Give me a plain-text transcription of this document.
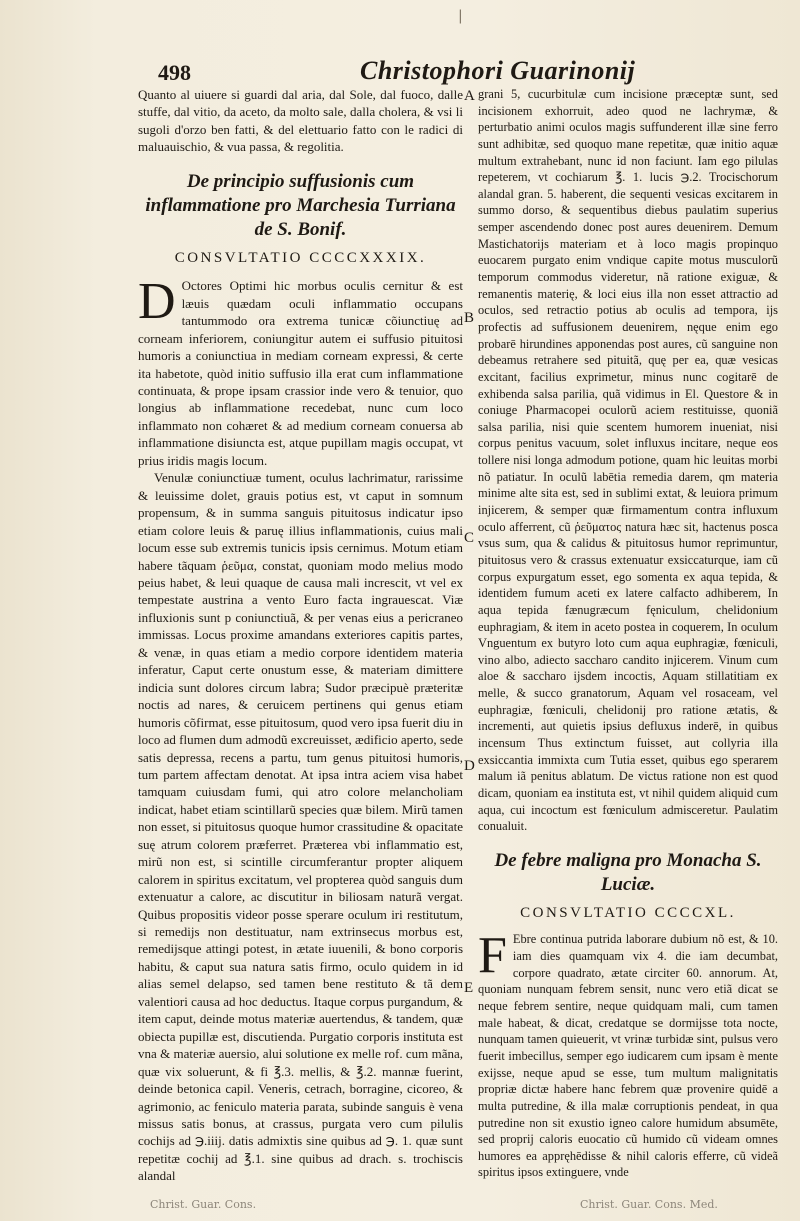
|
498	Christophori Guarinonij
A
B
C
D
E

Quanto al uiuere si guardi dal aria, dal Sole, dal fuoco, dalle stuffe, dal vitio, da aceto, da molto sale, dalla cholera, & vsi li sugoli d'orzo ben fatti, & del elettuario fatto con le radici di maluauischio, & vua passa, & regolitia.

De principio suffusionis cum inflammatione pro Marchesia Turriana de S. Bonif.
CONSVLTATIO CCCCXXXIX.
D Octores Optimi hic morbus oculis cernitur & est læuis quædam oculi inflammatio occupans tantummodo ora extrema tunicæ cõiunctiuę ad corneam inferiorem, coniungitur autem ei suffusio pituitosi humoris a coniunctiua in mediam corneam expressi, & certe ita habetote, quòd initio suffusio illa erat cum inflammatione continuata, & prope ipsam crassior inde vero & tenuior, quo longius ab inflammatione recedebat, nunc cum loco inflammato non cohæret & ad medium corneam conuersa ab inflammatione disiuncta est, atque pupillam magis occupat, vt prius iridis magis locum.

Venulæ coniunctiuæ tument, oculus lachrimatur, rarissime & leuissime dolet, grauis potius est, vt caput in somnum propensum, & in summa sanguis pituitosus indicatur ipso etiam colore leuis & paruę illius inflammationis, cuius mali locum esse sub extremis tunicis ipsis cernimus. Motum etiam habere tãquam ῥεῦμα, constat, quoniam modo melius modo peius habet, & leui quaque de causa mali increscit, vt vel ex tempestate austrina a vento Euro facta ingrauescat. Viæ influxionis sunt p coniunctiuã, & per venas eius a pericraneo immissas. Locus proxime amandans exteriores capitis partes, & venæ, in quas etiam a medio corpore identidem materia inferatur, Caput certe onustum esse, & materiam dimittere indicia sunt dolores circum labra; Sudor præcipuè præteritæ noctis ad nares, & ceruicem pertinens qui genus etiam humoris cõfirmat, esse pituitosum, quod vero ipsa fuerit diu in loco ad flumen dum admodũ excreuisset, ædificio aperto, sede satis depressa, recens a partu, tum genus pituitosi humoris, tum partem affectam denotat. At ipsa intra aciem visa habet tamquam cuiusdam fumi, qui atro colore melancholiam indicat, habet etiam scintillarũ species quæ bilem. Mirũ tamen non esset, si pituitosus quoque humor crassitudine & opacitate suę atrum colorem præferret. Præterea vbi inflammatio est, mirũ non est, si scintille circumferantur propter aliquem calorem in spiritus excitatum, vel propterea quòd sanguis dum extenuatur a calore, ac discutitur in biliosam naturã vergat. Quibus propositis videor posse sperare oculum iri restitutum, si remedijs non destituatur, nam extrinsecus morbus est, remedijsque attingi potest, in ætate iuuenili, & bono corporis habitu, & caput sua natura satis firmo, oculo quidem in id alias semel delapso, sed tamen bene restituto & tã dem valentiori causa ad hoc deductus. Itaque corpus purgandum, & item caput, deinde motus materiæ auertendus, & tandem, quæ obiecta pupillæ est, discutienda. Purgatio corporis instituta est vna & materiæ auersio, alui solutione ex melle rof. cum mãna, quæ vix soluerunt, & fi ℥.3. mellis, & ℥.2. mannæ fuerint, deinde betonica capil. Veneris, cetrach, borragine, cicoreo, & agrimonio, ac feniculo materia parata, subinde sanguis è vena missus satis bonus, at crassus, purgata vero cum pilulis cochijs ad ℈.iiij. datis admixtis sine quibus ad ℈. 1. quæ sunt repetitæ cochij ad ℥.1. sine quibus ad drach. s. trochiscis alandal

grani 5, cucurbitulæ cum incisione præceptæ sunt, sed incisionem exhorruit, adeo quod ne lachrymæ, & perturbatio animi oculos magis suffunderent illæ sine ferro sunt adhibitæ, sed quoquo mane repetitæ, quæ initio aquæ multum extrahebant, nunc id non faciunt. Iam ego pilulas repeterem, vt cochiarum ℥. 1. lucis ℈.2. Trocischorum alandal gran. 5. haberent, die sequenti vesicas excitarem in summo dorso, & sequentibus diebus paulatim superius semper ascendendo donec post aures deuenirem. Demum Mastichatorijs materiam et à loco magis propinquo euocarem purgato enim vndique capite motus musculorũ temporum commodus videretur, nã ratione exiguæ, & remanentis materię, & loci eius illa non esset attractio ad oculos, sed retractio potius ab oculis ad tempora, ijs profectis ad suffusionem deuenirem, nęque enim ego probarē hirundines apponendas post aures, cũ sanguine non debeamus retrahere sed pituitã, quę per ea, quæ vesicas excitant, facilius exprimetur, minus nunc cogitarē de exhibenda salsa parilia, quã vidimus in El. Questore & in coniuge Pharmacopei oculorũ aciem restituisse, quoniã salsa parilia, nisi quie scentem humorem inueniat, nisi corpus penitus vacuum, solet influxus incitare, neque eos tollere nisi longa admodum potione, quam hic leuitas morbi nõ patiatur. In oculũ labētia remedia darem, qm materia minime alte sita est, sed in sublimi extat, & leuiora primum injicerem, & semper quæ firmamentum contra influxum oculo afferrent, cũ ῥεῦματος natura hæc sit, hactenus posca vsus sum, qua & calidus & pituitosus humor reprimuntur, pituitosus vero & crassus extenuatur exsiccaturque, iam cũ corpus expurgatum esset, ego somenta ex aqua tepida, & identidem fumum aceti ex latere calfacto adhiberem, In aqua tepida fænugræcum fęniculum, chelidonium euphragiam, & item in aceto postea in coquerem, In oculum Vnguentum ex butyro loto cum aqua euphragiæ, fœniculi, vino albo, adiecto saccharo candito injicerem. Vinum cum aloe & saccharo ijsdem incoctis, Aquam stillatitiam ex melle, & succo granatorum, Aquam vel rosaceam, vel euphragiæ, fœniculi, chelidonij pro ratione ætatis, & incrementi, aut quietis ipsius defluxus inderē, in quibus incensum Thus extinctum fuisset, aut collyria illa exsiccantia immixta cum Tutia esset, quibus ego sperarem malum iã penitus ablatum. De victus ratione non est quod dicam, quoniam ea instituta est, vt nihil quidem aliquid cum aqua, cui incoctum est fœniculum admisceretur. Paulatim conualuit.

De febre maligna pro Monacha S. Luciæ.
CONSVLTATIO CCCCXL.
F Ebre continua putrida laborare dubium nõ est, & 10. iam dies quamquam vix 4. die iam decumbat, corpore quadrato, ætate circiter 60. annorum. At, quoniam nunquam febrem sensit, nunc vero etiã dicat se neque febrem sentire, neque quidquam mali, cum tamen male habeat, & dicat, credatque se dormijsse tota nocte, nunquam tamen quieuerit, vt vrinæ turbidæ sint, pulsus vero fuerit imbecillus, semper ego iudicarem cum ipsam è mente exijsse, neque apud se esse, tum multum malignitatis propriæ dictæ habere hanc febrem quæ provenire quidē a multa putredine, & illa malæ corruptionis pendeat, in qua putredine non sit exustio igneo calore humidum absumēte, sed proprij caloris euocatio cũ humido cũ videam omnes humores ea appręhēdisse & nihil caloris efferre, cũ videã spiritus ipsos extinguere, vnde

Christ. Guar. Cons.	Christ. Guar. Cons. Med.
